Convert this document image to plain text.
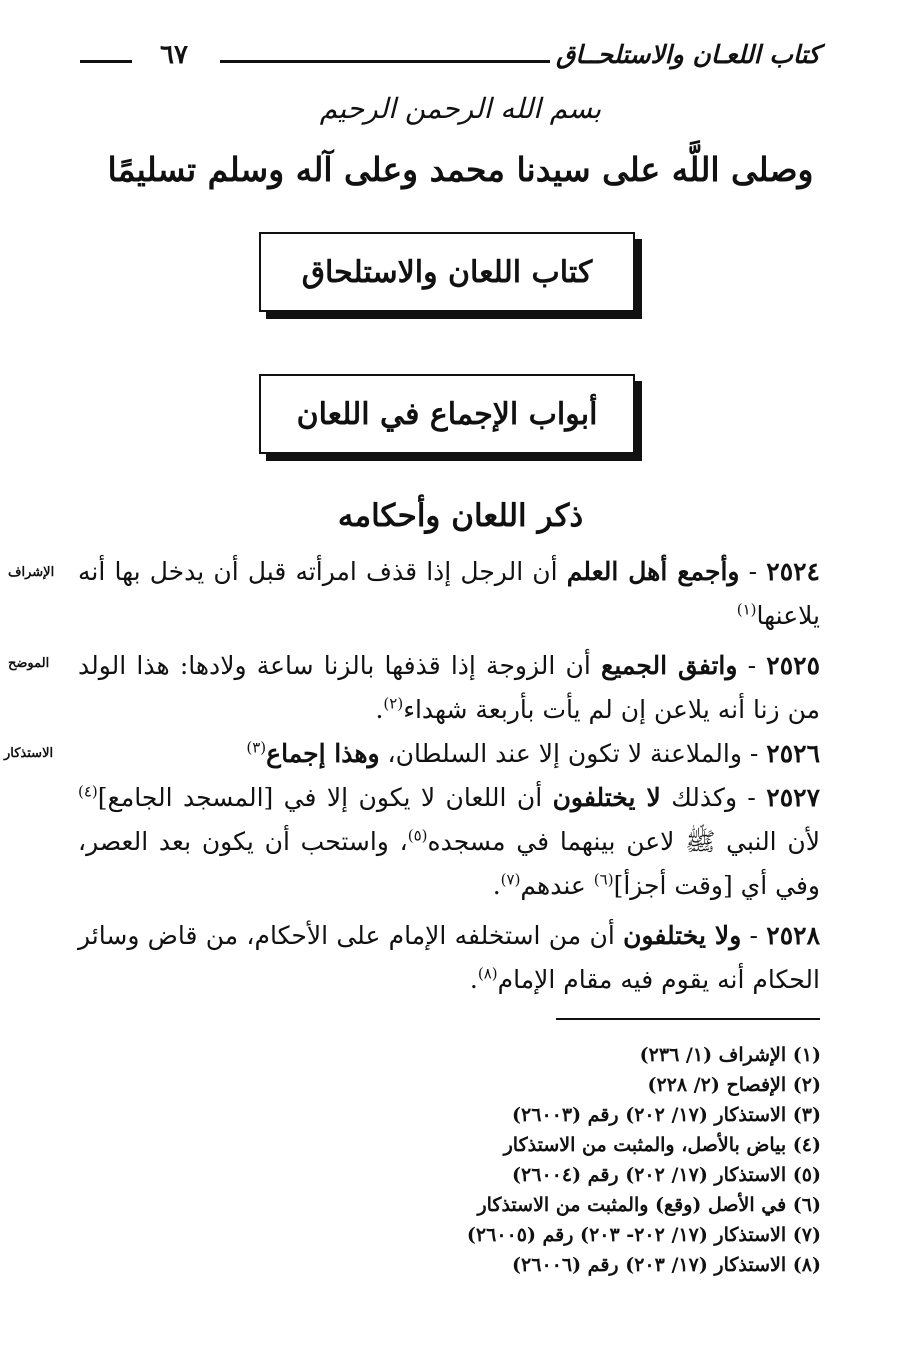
٦٧	كتاب اللعـان والاستلحــاق
بسم الله الرحمن الرحيم
وصلى اللَّه على سيدنا محمد وعلى آله وسلم تسليمًا
كتاب اللعان والاستلحاق
أبواب الإجماع في اللعان
ذكر اللعان وأحكامه
الإشراف
الموضح
الاستذكار
٢٥٢٤ - وأجمع أهل العلم أن الرجل إذا قذف امرأته قبل أن يدخل بها أنه يلاعنها$^{(١)}$
٢٥٢٥ - واتفق الجميع أن الزوجة إذا قذفها بالزنا ساعة ولادها: هذا الولد من زنا أنه يلاعن إن لم يأت بأربعة شهداء$^{(٢)}$.
٢٥٢٦ - والملاعنة لا تكون إلا عند السلطان، وهذا إجماع$^{(٣)}$
٢٥٢٧ - وكذلك لا يختلفون أن اللعان لا يكون إلا في [المسجد الجامع]$^{(٤)}$ لأن النبي ﷺ لاعن بينهما في مسجده$^{(٥)}$، واستحب أن يكون بعد العصر، وفي أي [وقت أجزأ]$^{(٦)}$ عندهم$^{(٧)}$.
٢٥٢٨ - ولا يختلفون أن من استخلفه الإمام على الأحكام، من قاض وسائر الحكام أنه يقوم فيه مقام الإمام$^{(٨)}$.
(١) الإشراف (١/ ٢٣٦)
(٢) الإفصاح (٢/ ٢٢٨)
(٣) الاستذكار (١٧/ ٢٠٢) رقم (٢٦٠٠٣)
(٤) بياض بالأصل، والمثبت من الاستذكار
(٥) الاستذكار (١٧/ ٢٠٢) رقم (٢٦٠٠٤)
(٦) في الأصل (وقع) والمثبت من الاستذكار
(٧) الاستذكار (١٧/ ٢٠٢- ٢٠٣) رقم (٢٦٠٠٥)
(٨) الاستذكار (١٧/ ٢٠٣) رقم (٢٦٠٠٦)
